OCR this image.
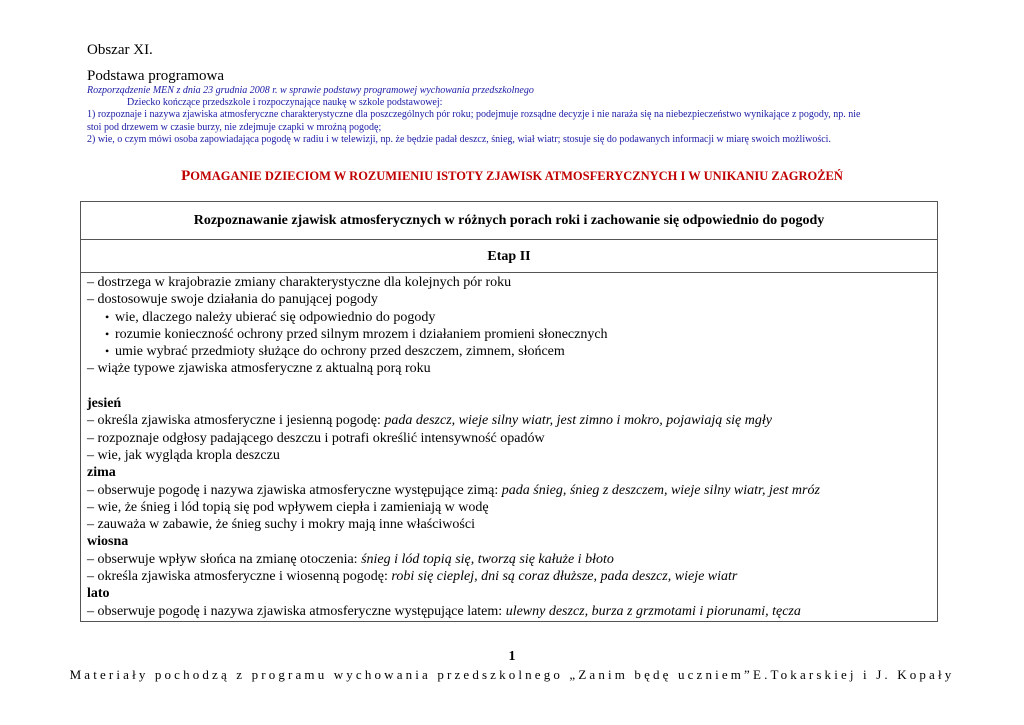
Obszar XI.
Podstawa programowa
Rozporządzenie MEN z dnia 23 grudnia 2008 r. w sprawie podstawy programowej wychowania przedszkolnego
Dziecko kończące przedszkole i rozpoczynające naukę w szkole podstawowej:
1) rozpoznaje i nazywa zjawiska atmosferyczne charakterystyczne dla poszczególnych pór roku; podejmuje rozsądne decyzje i nie naraża się na niebezpieczeństwo wynikające z pogody, np. nie
stoi pod drzewem w czasie burzy, nie zdejmuje czapki w mroźną pogodę;
2) wie, o czym mówi osoba zapowiadająca pogodę w radiu i w telewizji, np. że będzie padał deszcz, śnieg, wiał wiatr; stosuje się do podawanych informacji w miarę swoich możliwości.
POMAGANIE DZIECIOM W ROZUMIENIU ISTOTY ZJAWISK ATMOSFERYCZNYCH I W UNIKANIU ZAGROŻEŃ
Rozpoznawanie zjawisk atmosferycznych w różnych porach roki i zachowanie się odpowiednio do pogody
Etap II
– dostrzega w krajobrazie zmiany charakterystyczne dla kolejnych pór roku
– dostosowuje swoje działania do panującej pogody
• wie, dlaczego należy ubierać się odpowiednio do pogody
• rozumie konieczność ochrony przed silnym mrozem i działaniem promieni słonecznych
• umie wybrać przedmioty służące do ochrony przed deszczem, zimnem, słońcem
– wiąże typowe zjawiska atmosferyczne z aktualną porą roku
jesień
– określa zjawiska atmosferyczne i jesienną pogodę: pada deszcz, wieje silny wiatr, jest zimno i mokro, pojawiają się mgły
– rozpoznaje odgłosy padającego deszczu i potrafi określić intensywność opadów
– wie, jak wygląda kropla deszczu
zima
– obserwuje pogodę i nazywa zjawiska atmosferyczne występujące zimą: pada śnieg, śnieg z deszczem, wieje silny wiatr, jest mróz
– wie, że śnieg i lód topią się pod wpływem ciepła i zamieniają w wodę
– zauważa w zabawie, że śnieg suchy i mokry mają inne właściwości
wiosna
– obserwuje wpływ słońca na zmianę otoczenia: śnieg i lód topią się, tworzą się kałuże i błoto
– określa zjawiska atmosferyczne i wiosenną pogodę: robi się cieplej, dni są coraz dłuższe, pada deszcz, wieje wiatr
lato
– obserwuje pogodę i nazywa zjawiska atmosferyczne występujące latem: ulewny deszcz, burza z grzmotami i piorunami, tęcza
1
Materiały pochodzą z programu wychowania przedszkolnego „Zanim będę uczniem”E.Tokarskiej i J. Kopały
